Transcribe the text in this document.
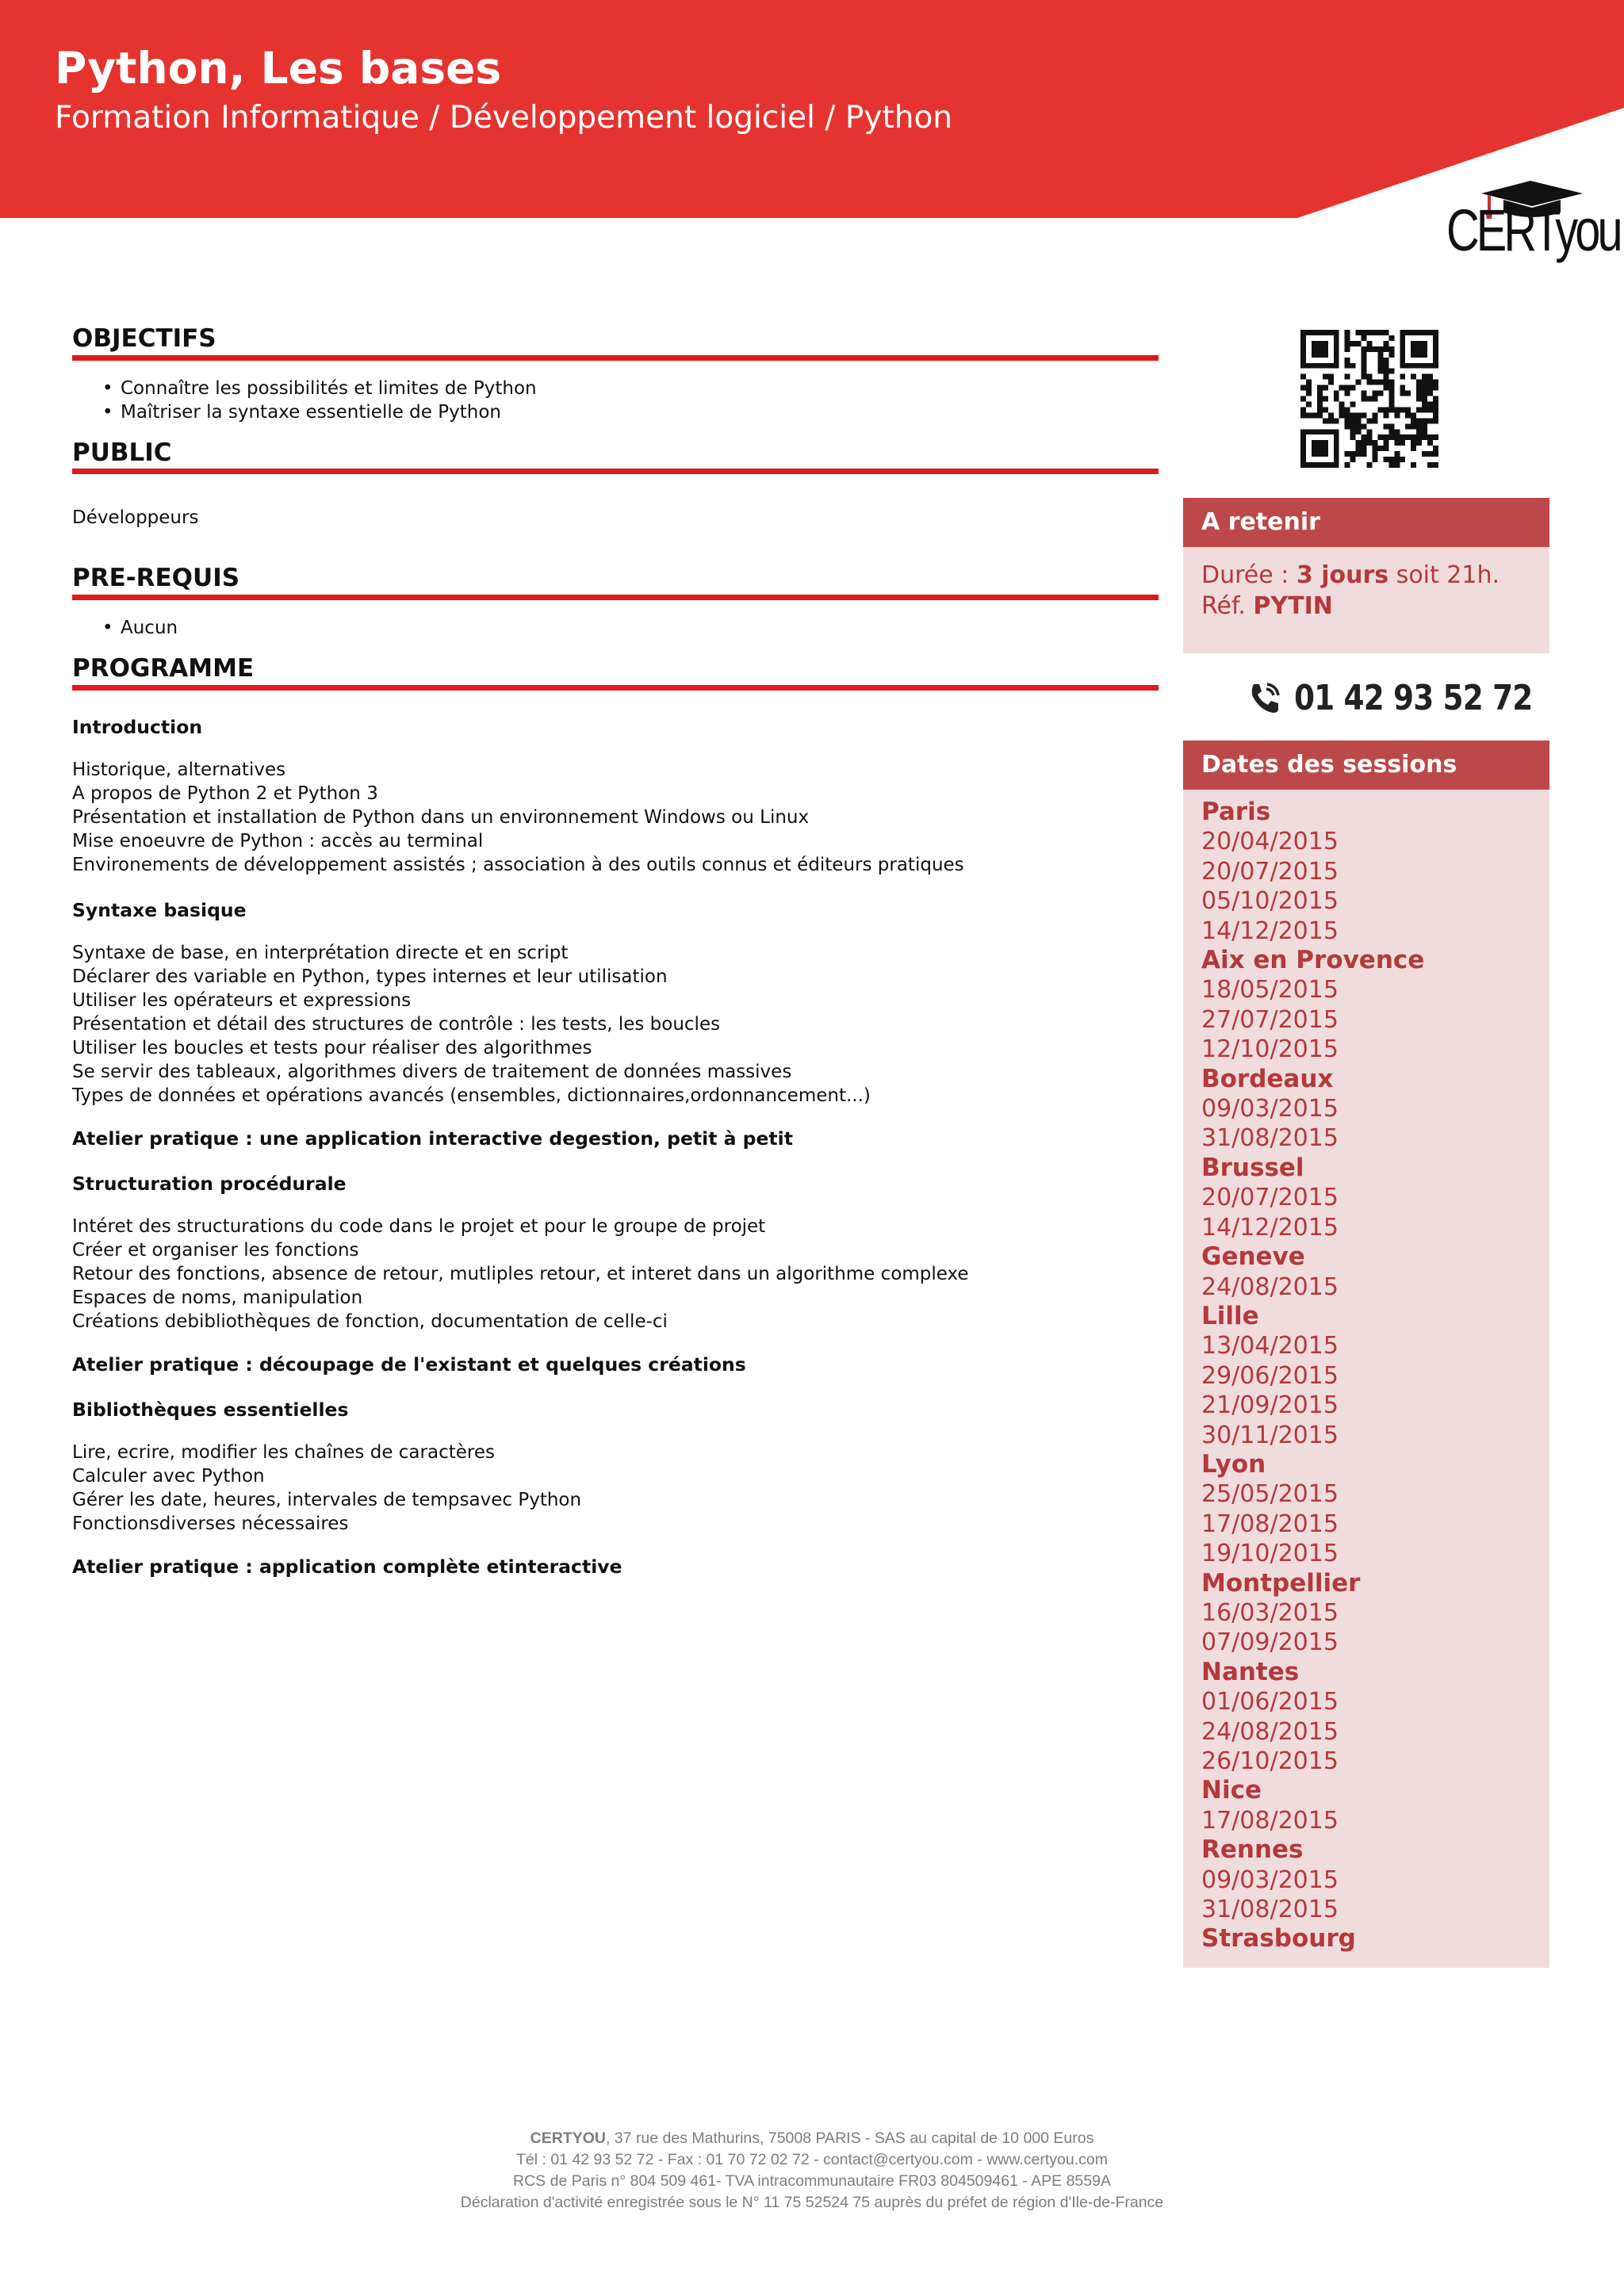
Python, Les bases
Formation Informatique / Développement logiciel / Python
CERTyou
OBJECTIFS
• Connaître les possibilités et limites de Python
• Maîtriser la syntaxe essentielle de Python
PUBLIC

Développeurs

PRE-REQUIS
• Aucun
PROGRAMME

Introduction

Historique, alternatives

A propos de Python 2 et Python 3

Présentation et installation de Python dans un environnement Windows ou Linux

Mise enoeuvre de Python : accès au terminal

Environements de développement assistés ; association à des outils connus et éditeurs pratiques

Syntaxe basique

Syntaxe de base, en interprétation directe et en script

Déclarer des variable en Python, types internes et leur utilisation

Utiliser les opérateurs et expressions

Présentation et détail des structures de contrôle : les tests, les boucles

Utiliser les boucles et tests pour réaliser des algorithmes

Se servir des tableaux, algorithmes divers de traitement de données massives

Types de données et opérations avancés (ensembles, dictionnaires,ordonnancement...)

Atelier pratique : une application interactive degestion, petit à petit

Structuration procédurale

Intéret des structurations du code dans le projet et pour le groupe de projet

Créer et organiser les fonctions

Retour des fonctions, absence de retour, mutliples retour, et interet dans un algorithme complexe

Espaces de noms, manipulation

Créations debibliothèques de fonction, documentation de celle-ci

Atelier pratique : découpage de l'existant et quelques créations

Bibliothèques essentielles

Lire, ecrire, modifier les chaînes de caractères

Calculer avec Python

Gérer les date, heures, intervales de tempsavec Python

Fonctionsdiverses nécessaires

Atelier pratique : application complète etinteractive

A retenir
Durée : 3 jours soit 21h.
Réf. PYTIN
01 42 93 52 72
Dates des sessions
Paris
20/04/2015
20/07/2015
05/10/2015
14/12/2015
Aix en Provence
18/05/2015
27/07/2015
12/10/2015
Bordeaux
09/03/2015
31/08/2015
Brussel
20/07/2015
14/12/2015
Geneve
24/08/2015
Lille
13/04/2015
29/06/2015
21/09/2015
30/11/2015
Lyon
25/05/2015
17/08/2015
19/10/2015
Montpellier
16/03/2015
07/09/2015
Nantes
01/06/2015
24/08/2015
26/10/2015
Nice
17/08/2015
Rennes
09/03/2015
31/08/2015
Strasbourg
CERTYOU, 37 rue des Mathurins, 75008 PARIS - SAS au capital de 10 000 Euros
Tél : 01 42 93 52 72 - Fax : 01 70 72 02 72 - contact@certyou.com - www.certyou.com
RCS de Paris n° 804 509 461- TVA intracommunautaire FR03 804509461 - APE 8559A
Déclaration d'activité enregistrée sous le N° 11 75 52524 75 auprès du préfet de région d'Ile-de-France
